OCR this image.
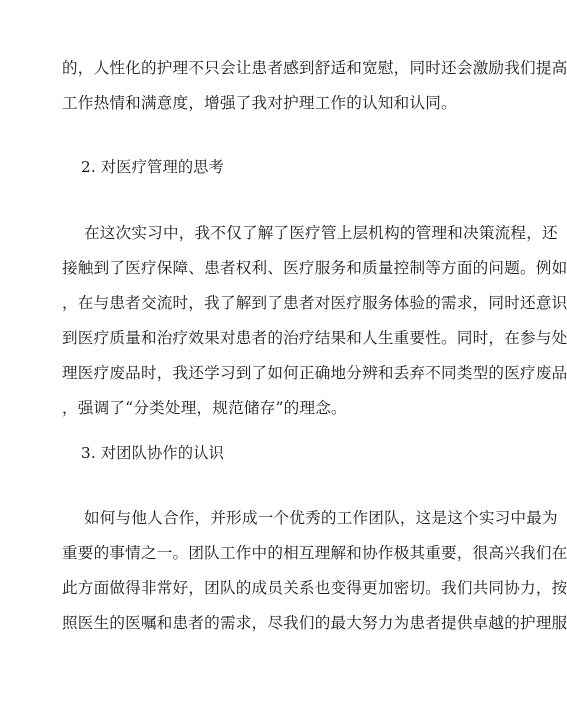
的，人性化的护理不只会让患者感到舒适和宽慰，同时还会激励我们提高
工作热情和满意度，增强了我对护理工作的认知和认同。
2. 对医疗管理的思考
在这次实习中，我不仅了解了医疗管上层机构的管理和决策流程，还
接触到了医疗保障、患者权利、医疗服务和质量控制等方面的问题。例如
，在与患者交流时，我了解到了患者对医疗服务体验的需求，同时还意识
到医疗质量和治疗效果对患者的治疗结果和人生重要性。同时，在参与处
理医疗废品时，我还学习到了如何正确地分辨和丢弃不同类型的医疗废品
，强调了“分类处理，规范储存”的理念。
3. 对团队协作的认识
如何与他人合作，并形成一个优秀的工作团队，这是这个实习中最为
重要的事情之一。团队工作中的相互理解和协作极其重要，很高兴我们在
此方面做得非常好，团队的成员关系也变得更加密切。我们共同协力，按
照医生的医嘱和患者的需求，尽我们的最大努力为患者提供卓越的护理服
